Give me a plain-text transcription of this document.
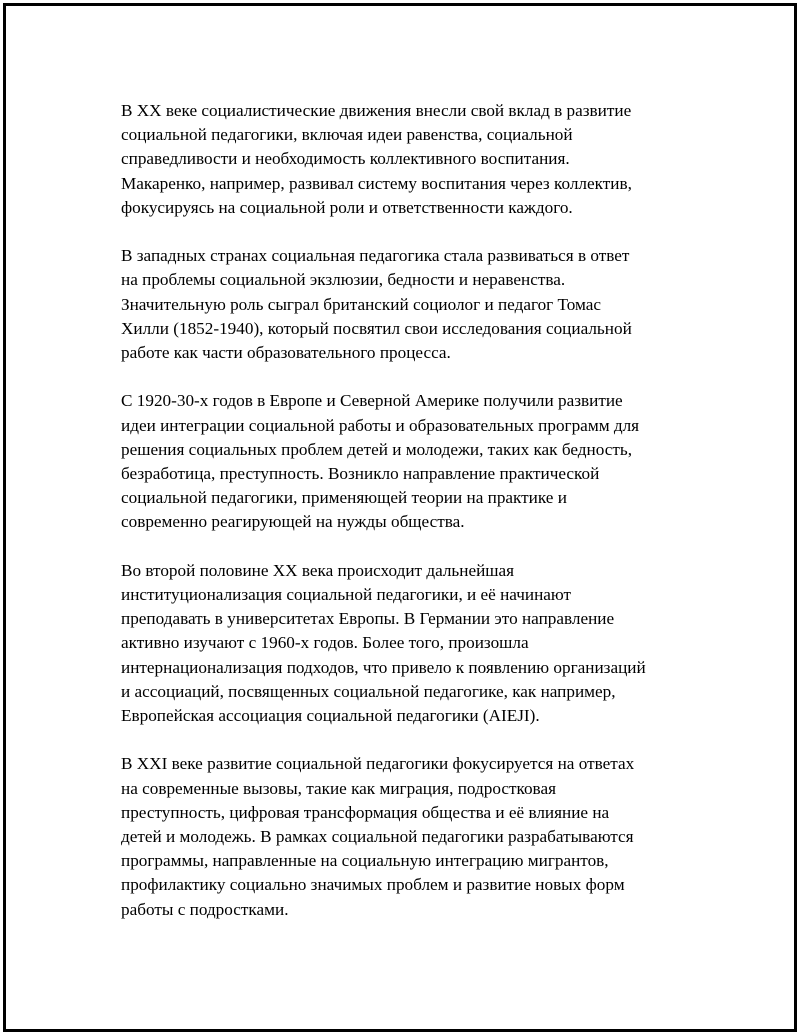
В XX веке социалистические движения внесли свой вклад в развитие
социальной педагогики, включая идеи равенства, социальной
справедливости и необходимость коллективного воспитания.
Макаренко, например, развивал систему воспитания через коллектив,
фокусируясь на социальной роли и ответственности каждого.

В западных странах социальная педагогика стала развиваться в ответ
на проблемы социальной экзлюзии, бедности и неравенства.
Значительную роль сыграл британский социолог и педагог Томас
Хилли (1852-1940), который посвятил свои исследования социальной
работе как части образовательного процесса.

С 1920-30-х годов в Европе и Северной Америке получили развитие
идеи интеграции социальной работы и образовательных программ для
решения социальных проблем детей и молодежи, таких как бедность,
безработица, преступность. Возникло направление практической
социальной педагогики, применяющей теории на практике и
современно реагирующей на нужды общества.

Во второй половине XX века происходит дальнейшая
институционализация социальной педагогики, и её начинают
преподавать в университетах Европы. В Германии это направление
активно изучают с 1960-х годов. Более того, произошла
интернационализация подходов, что привело к появлению организаций
и ассоциаций, посвященных социальной педагогике, как например,
Европейская ассоциация социальной педагогики (AIEJI).

В XXI веке развитие социальной педагогики фокусируется на ответах
на современные вызовы, такие как миграция, подростковая
преступность, цифровая трансформация общества и её влияние на
детей и молодежь. В рамках социальной педагогики разрабатываются
программы, направленные на социальную интеграцию мигрантов,
профилактику социально значимых проблем и развитие новых форм
работы с подростками.
